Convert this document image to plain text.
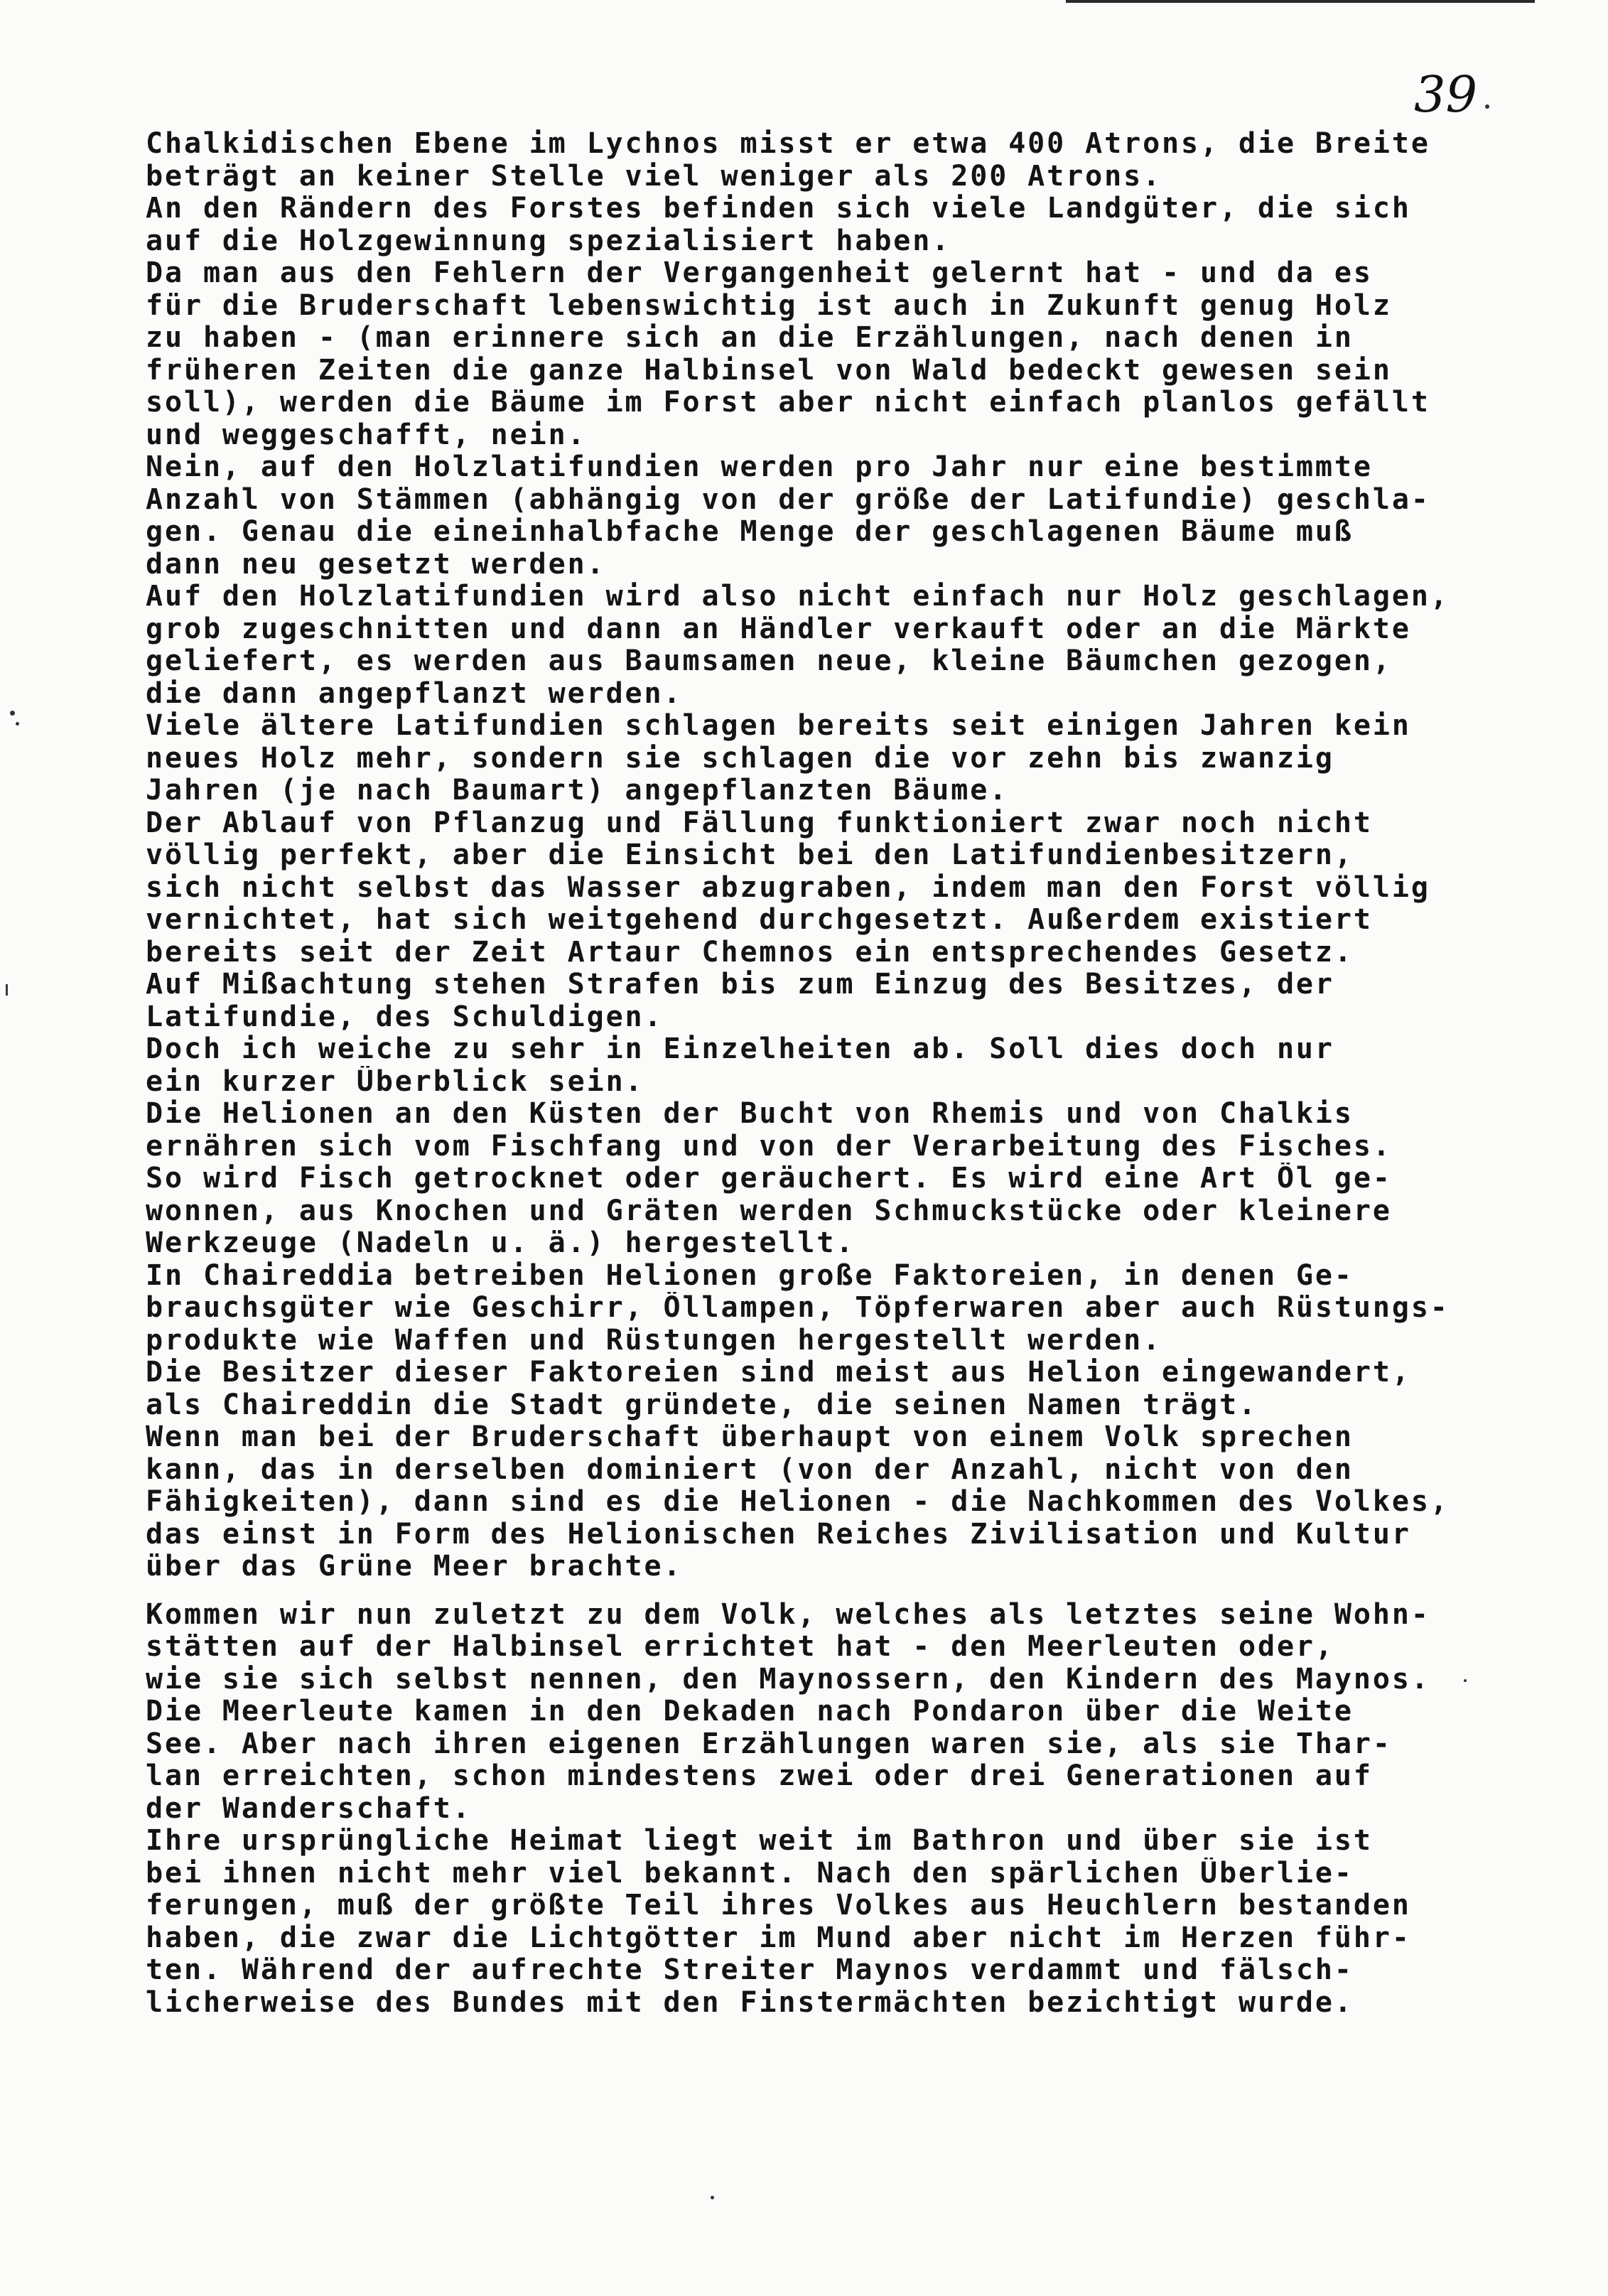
39

Chalkidischen Ebene im Lychnos misst er etwa 400 Atrons, die Breite
beträgt an keiner Stelle viel weniger als 200 Atrons.

An den Rändern des Forstes befinden sich viele Landgüter, die sich
auf die Holzgewinnung spezialisiert haben.

Da man aus den Fehlern der Vergangenheit gelernt hat - und da es
für die Bruderschaft lebenswichtig ist auch in Zukunft genug Holz
zu haben - (man erinnere sich an die Erzählungen, nach denen in
früheren Zeiten die ganze Halbinsel von Wald bedeckt gewesen sein
soll), werden die Bäume im Forst aber nicht einfach planlos gefällt
und weggeschafft, nein.

Nein, auf den Holzlatifundien werden pro Jahr nur eine bestimmte
Anzahl von Stämmen (abhängig von der größe der Latifundie) geschla-
gen. Genau die eineinhalbfache Menge der geschlagenen Bäume muß
dann neu gesetzt werden.

Auf den Holzlatifundien wird also nicht einfach nur Holz geschlagen,
grob zugeschnitten und dann an Händler verkauft oder an die Märkte
geliefert, es werden aus Baumsamen neue, kleine Bäumchen gezogen,
die dann angepflanzt werden.

Viele ältere Latifundien schlagen bereits seit einigen Jahren kein
neues Holz mehr, sondern sie schlagen die vor zehn bis zwanzig
Jahren (je nach Baumart) angepflanzten Bäume.

Der Ablauf von Pflanzug und Fällung funktioniert zwar noch nicht
völlig perfekt, aber die Einsicht bei den Latifundienbesitzern,
sich nicht selbst das Wasser abzugraben, indem man den Forst völlig
vernichtet, hat sich weitgehend durchgesetzt. Außerdem existiert
bereits seit der Zeit Artaur Chemnos ein entsprechendes Gesetz.
Auf Mißachtung stehen Strafen bis zum Einzug des Besitzes, der
Latifundie, des Schuldigen.

Doch ich weiche zu sehr in Einzelheiten ab. Soll dies doch nur
ein kurzer Überblick sein.

Die Helionen an den Küsten der Bucht von Rhemis und von Chalkis
ernähren sich vom Fischfang und von der Verarbeitung des Fisches.
So wird Fisch getrocknet oder geräuchert. Es wird eine Art Öl ge-
wonnen, aus Knochen und Gräten werden Schmuckstücke oder kleinere
Werkzeuge (Nadeln u. ä.) hergestellt.

In Chaireddia betreiben Helionen große Faktoreien, in denen Ge-
brauchsgüter wie Geschirr, Öllampen, Töpferwaren aber auch Rüstungs-
produkte wie Waffen und Rüstungen hergestellt werden.

Die Besitzer dieser Faktoreien sind meist aus Helion eingewandert,
als Chaireddin die Stadt gründete, die seinen Namen trägt.

Wenn man bei der Bruderschaft überhaupt von einem Volk sprechen
kann, das in derselben dominiert (von der Anzahl, nicht von den
Fähigkeiten), dann sind es die Helionen - die Nachkommen des Volkes,
das einst in Form des Helionischen Reiches Zivilisation und Kultur
über das Grüne Meer brachte.

Kommen wir nun zuletzt zu dem Volk, welches als letztes seine Wohn-
stätten auf der Halbinsel errichtet hat - den Meerleuten oder,
wie sie sich selbst nennen, den Maynossern, den Kindern des Maynos.

Die Meerleute kamen in den Dekaden nach Pondaron über die Weite
See. Aber nach ihren eigenen Erzählungen waren sie, als sie Thar-
lan erreichten, schon mindestens zwei oder drei Generationen auf
der Wanderschaft.

Ihre ursprüngliche Heimat liegt weit im Bathron und über sie ist
bei ihnen nicht mehr viel bekannt. Nach den spärlichen Überlie-
ferungen, muß der größte Teil ihres Volkes aus Heuchlern bestanden
haben, die zwar die Lichtgötter im Mund aber nicht im Herzen führ-
ten. Während der aufrechte Streiter Maynos verdammt und fälsch-
licherweise des Bundes mit den Finstermächten bezichtigt wurde.
